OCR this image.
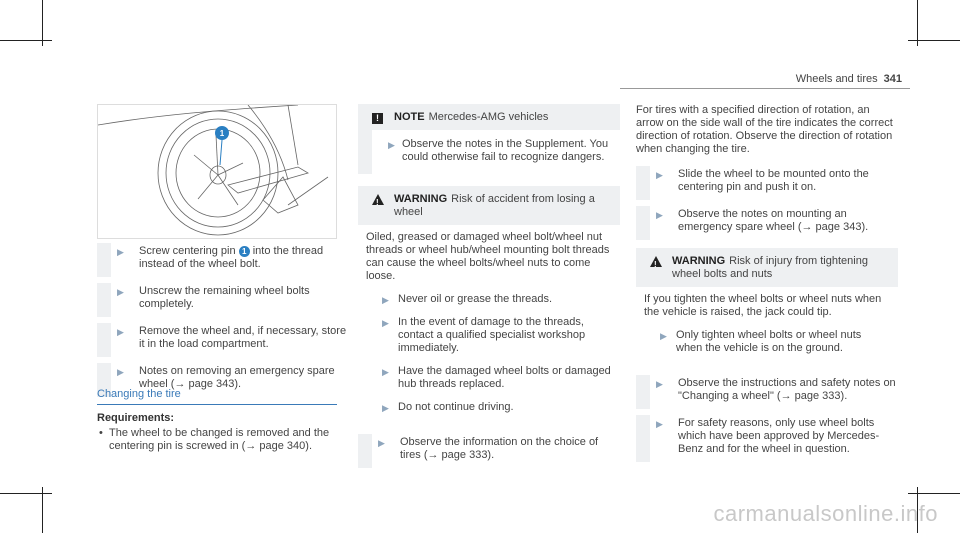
Wheels and tires 341
1
▶ Screw centering pin 1 into the thread instead of the wheel bolt.
▶ Unscrew the remaining wheel bolts completely.
▶ Remove the wheel and, if necessary, store it in the load compartment.
▶ Notes on removing an emergency spare wheel (→ page 343).
Changing the tire
Requirements:
• The wheel to be changed is removed and the centering pin is screwed in (→ page 340).
!	NOTE Mercedes-AMG vehicles
▶ Observe the notes in the Supplement. You could otherwise fail to recognize dangers.
! WARNING Risk of accident from losing a wheel
Oiled, greased or damaged wheel bolt/wheel nut threads or wheel hub/wheel mounting bolt threads can cause the wheel bolts/wheel nuts to come loose.
▶ Never oil or grease the threads.
▶ In the event of damage to the threads, contact a qualified specialist workshop immediately.
▶ Have the damaged wheel bolts or damaged hub threads replaced.
▶ Do not continue driving.
▶ Observe the information on the choice of tires (→ page 333).
For tires with a specified direction of rotation, an arrow on the side wall of the tire indicates the correct direction of rotation. Observe the direction of rotation when changing the tire.
▶ Slide the wheel to be mounted onto the centering pin and push it on.
▶ Observe the notes on mounting an emergency spare wheel (→ page 343).
! WARNING Risk of injury from tightening wheel bolts and nuts
If you tighten the wheel bolts or wheel nuts when the vehicle is raised, the jack could tip.
▶ Only tighten wheel bolts or wheel nuts when the vehicle is on the ground.
▶ Observe the instructions and safety notes on "Changing a wheel" (→ page 333).
▶ For safety reasons, only use wheel bolts which have been approved by Mercedes-Benz and for the wheel in question.
carmanualsonline.info
